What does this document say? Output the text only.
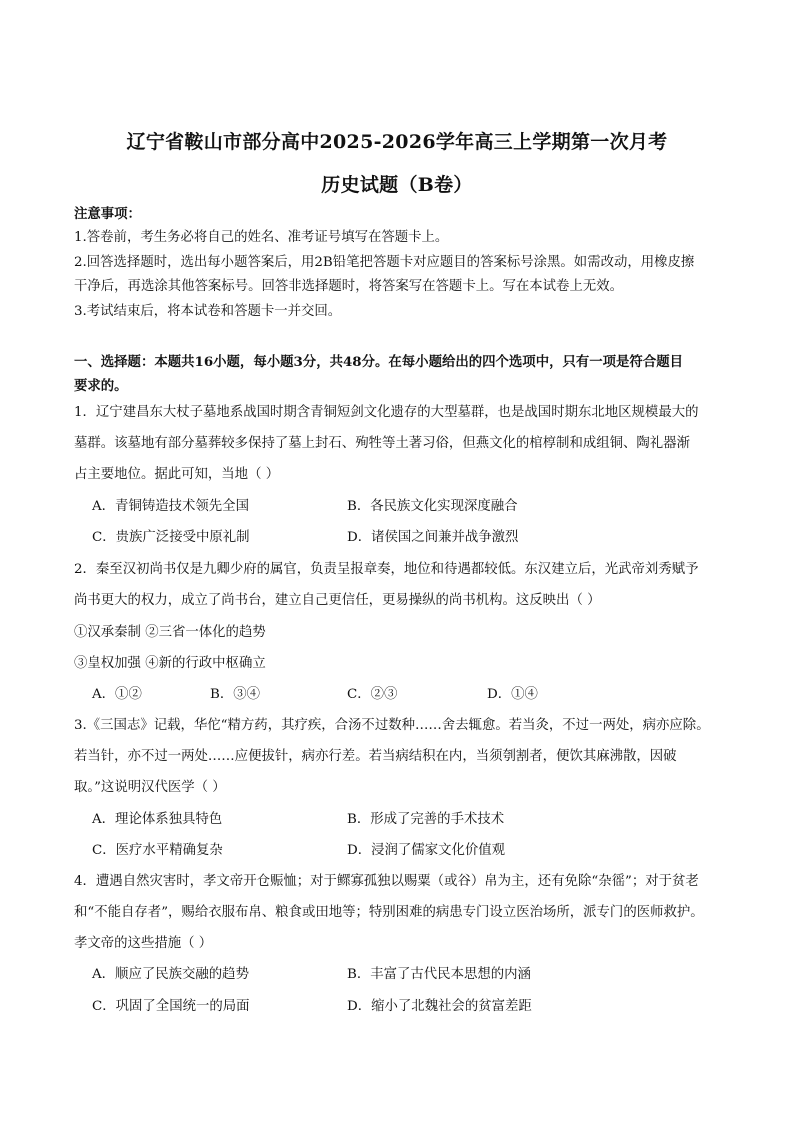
辽宁省鞍山市部分高中2025-2026学年高三上学期第一次月考
历史试题（B卷）
注意事项：
1.答卷前，考生务必将自己的姓名、准考证号填写在答题卡上。
2.回答选择题时，选出每小题答案后，用2B铅笔把答题卡对应题目的答案标号涂黑。如需改动，用橡皮擦
干净后，再选涂其他答案标号。回答非选择题时，将答案写在答题卡上。写在本试卷上无效。
3.考试结束后，将本试卷和答题卡一并交回。
一、选择题：本题共16小题，每小题3分，共48分。在每小题给出的四个选项中，只有一项是符合题目
要求的。
1．辽宁建昌东大杖子墓地系战国时期含青铜短剑文化遗存的大型墓群，也是战国时期东北地区规模最大的
墓群。该墓地有部分墓葬较多保持了墓上封石、殉牲等土著习俗，但燕文化的棺椁制和成组铜、陶礼器渐
占主要地位。据此可知，当地（ ）
A．青铜铸造技术领先全国	B．各民族文化实现深度融合
C．贵族广泛接受中原礼制	D．诸侯国之间兼并战争激烈
2．秦至汉初尚书仅是九卿少府的属官，负责呈报章奏，地位和待遇都较低。东汉建立后，光武帝刘秀赋予
尚书更大的权力，成立了尚书台，建立自己更信任，更易操纵的尚书机构。这反映出（ ）
①汉承秦制 ②三省一体化的趋势
③皇权加强 ④新的行政中枢确立
A．①②	B．③④	C．②③	D．①④
3.《三国志》记载，华佗“精方药，其疗疾，合汤不过数种……舍去辄愈。若当灸，不过一两处，病亦应除。
若当针，亦不过一两处……应便拔针，病亦行差。若当病结积在内，当须刳割者，便饮其麻沸散，因破
取。”这说明汉代医学（ ）
A．理论体系独具特色	B．形成了完善的手术技术
C．医疗水平精确复杂	D．浸润了儒家文化价值观
4．遭遇自然灾害时，孝文帝开仓赈恤；对于鳏寡孤独以赐粟（或谷）帛为主，还有免除“杂徭”；对于贫老
和“不能自存者”，赐给衣服布帛、粮食或田地等；特别困难的病患专门设立医治场所，派专门的医师救护。
孝文帝的这些措施（ ）
A．顺应了民族交融的趋势	B．丰富了古代民本思想的内涵
C．巩固了全国统一的局面	D．缩小了北魏社会的贫富差距
